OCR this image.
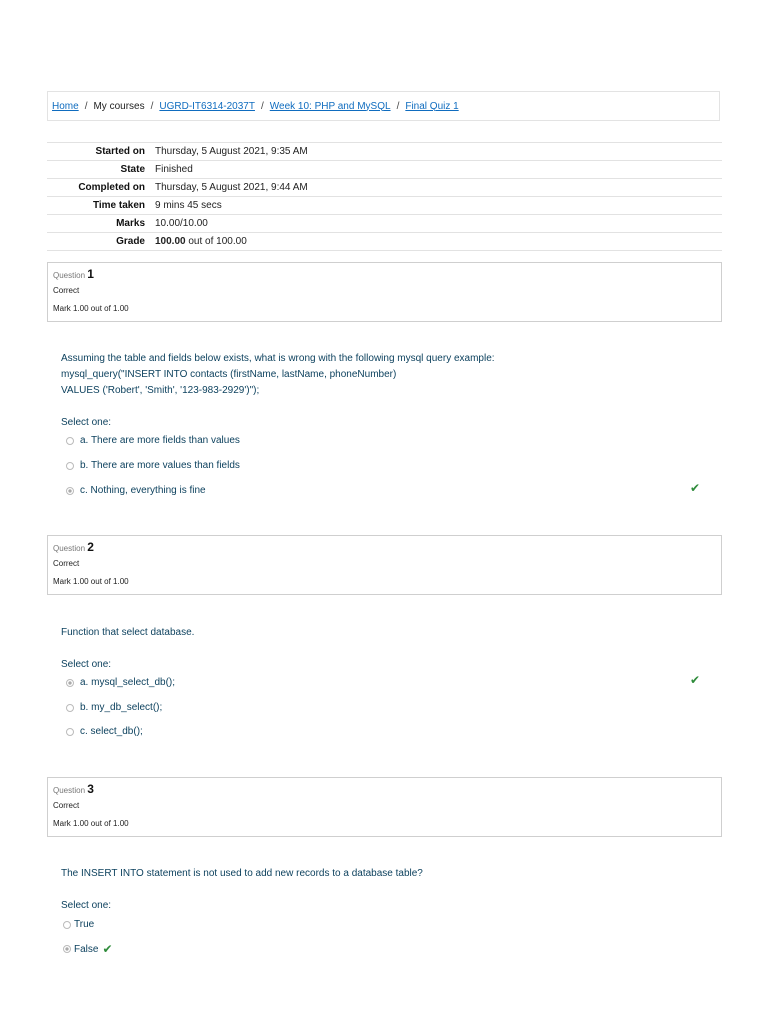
Home / My courses / UGRD-IT6314-2037T / Week 10: PHP and MySQL / Final Quiz 1
Started on	Thursday, 5 August 2021, 9:35 AM
State	Finished
Completed on	Thursday, 5 August 2021, 9:44 AM
Time taken	9 mins 45 secs
Marks	10.00/10.00
Grade	100.00 out of 100.00
Question 1
Correct
Mark 1.00 out of 1.00
Assuming the table and fields below exists, what is wrong with the following mysql query example:
mysql_query("INSERT INTO contacts (firstName, lastName, phoneNumber)
VALUES ('Robert', 'Smith', '123-983-2929')");
Select one:
a. There are more fields than values
b. There are more values than fields
c. Nothing, everything is fine	✔
Question 2
Correct
Mark 1.00 out of 1.00
Function that select database.
Select one:
a. mysql_select_db();	✔
b. my_db_select();
c. select_db();
Question 3
Correct
Mark 1.00 out of 1.00
The INSERT INTO statement is not used to add new records to a database table?
Select one:
True
False ✔
